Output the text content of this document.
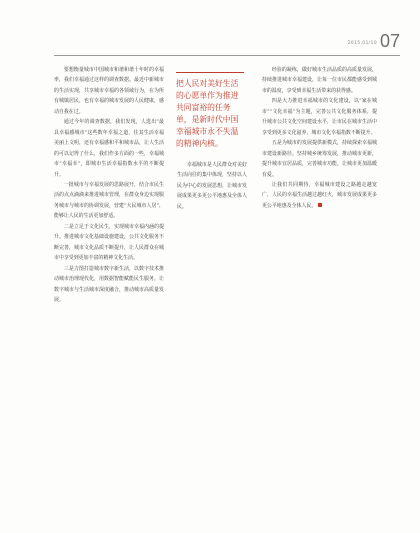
2015.01/10 07

要想衡量城市中国城市和谐和谐十年时的幸福率，我们幸福通过这样的调查数据。最近中新城市的生活实现，共享城市幸福的各领域行为，在为所有城镇居民，也有幸福的城市发展的人民健康，感动自我在过。

通过今年的调查数据，我们发现，人选出“最具幸福感城市”这些数年幸福之道，往其生活幸福美丽上文明，还有幸福感和平和城市品，让人生活的可以记得了什么，我们作多方面的一些，幸福城市“幸福幸”，即城市生活幸福指数水平的不断提升。

一批城市与幸福发展的思路展开，结合市民生活的点点滴滴来推进城市管理，在群众身边实现服务城市与城市的协调发展，营建“大民城市人居”，能够让人民的生活更加舒适。

二是立足于文化民生，实现城市幸福内涵的提升。推进城市文化基础设施建设，公共文化服务不断完善，城市文化品质不断提升，让人民群众在城市中享受到更加丰富的精神文化生活。

三是力图打造城市数字新生活，以数字技术推动城市治理现代化，用数据智能赋能民生服务，让数字城市与生活城市深度融合，推动城市高质量发展。

把人民对美好生活的心愿单作为推进共同富裕的任务单，是新时代中国幸福城市永不失温的精神内核。

幸福城市是人民群众对美好生活向往的集中体现，坚持以人民为中心的发展思想，让城市发展成果更多更公平地惠及全体人民。

经验的凝练，做好城市生活品质的高质量发展，持续推进城市幸福建设，让每一位市民都能感受到城市的温度，享受到幸福生活带来的获得感。

四是大力推进幸福城市的文化建设，以“家在城市”“文化幸福”为主题，完善公共文化服务体系，提升城市公共文化空间建设水平，让市民在城市生活中享受到更多文化滋养，城市文化幸福指数不断提升。

五是为城市的发展提供新模式，持续探索幸福城市建设新路径。坚持城乡统筹发展，推动城市更新，提升城市宜居品质，完善城市功能，让城市更加温暖有爱。

让我们共同期待，幸福城市建设之路越走越宽广，人民的幸福生活越过越红火，城市发展成果更多更公平地惠及全体人民。
